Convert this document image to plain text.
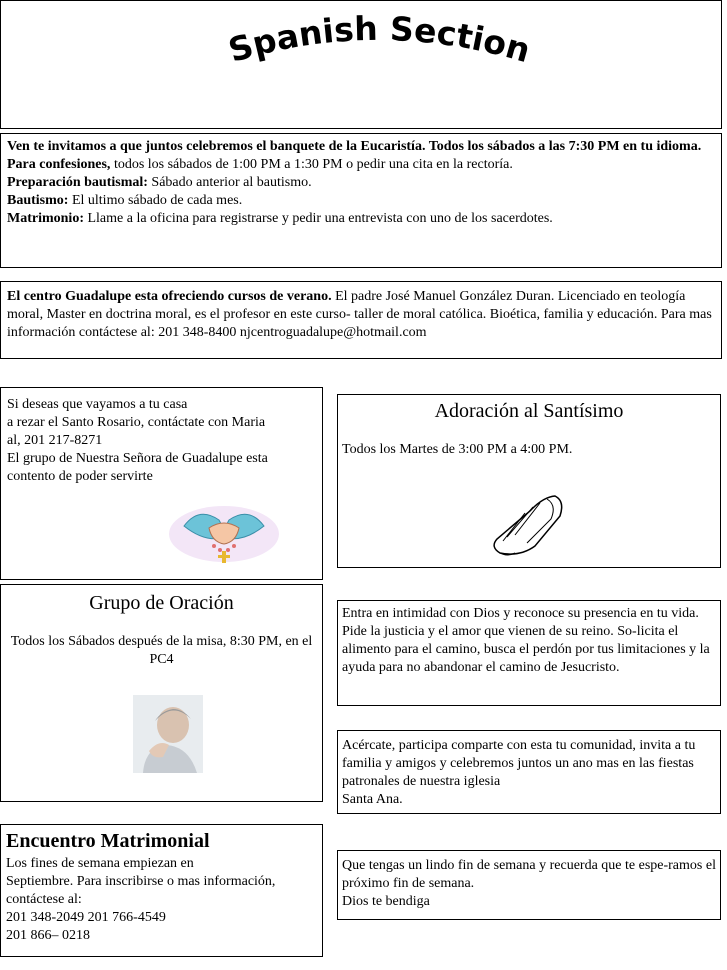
Spanish Section
Ven te invitamos a que juntos celebremos el banquete de la Eucaristía. Todos los sábados a las 7:30 PM en tu idioma.
Para confesiones, todos los sábados de 1:00 PM a 1:30 PM o pedir una cita en la rectoría.
Preparación bautismal: Sábado anterior al bautismo.
Bautismo: El ultimo sábado de cada mes.
Matrimonio: Llame a la oficina para registrarse y pedir una entrevista con uno de los sacerdotes.
El centro Guadalupe esta ofreciendo cursos de verano. El padre José Manuel González Duran. Licenciado en teología moral, Master en doctrina moral, es el profesor en este curso- taller de moral católica. Bioética, familia y educación. Para mas información contáctese al: 201 348-8400 njcentroguadalupe@hotmail.com
Si deseas que vayamos a tu casa
a rezar el Santo Rosario, contáctate con Maria
al, 201 217-8271
El grupo de Nuestra Señora de Guadalupe esta contento de poder servirte
Adoración al Santísimo
Todos los Martes de 3:00 PM a 4:00 PM.
Grupo de Oración
Todos los Sábados después de la misa, 8:30 PM, en el PC4
Entra en intimidad con Dios y reconoce su presencia en tu vida. Pide la justicia y el amor que vienen de su reino. So-licita el alimento para el camino, busca el perdón por tus limitaciones y la ayuda para no abandonar el camino de Jesucristo.
Acércate, participa comparte con esta tu comunidad, invita a tu familia y amigos y celebremos juntos un ano mas en las fiestas patronales de nuestra iglesia
Santa Ana.
Encuentro Matrimonial
Los fines de semana empiezan en
Septiembre. Para inscribirse o mas información, contáctese al:
201 348-2049 201 766-4549
201 866– 0218
Que tengas un lindo fin de semana y recuerda que te espe-ramos el próximo fin de semana.
Dios te bendiga
